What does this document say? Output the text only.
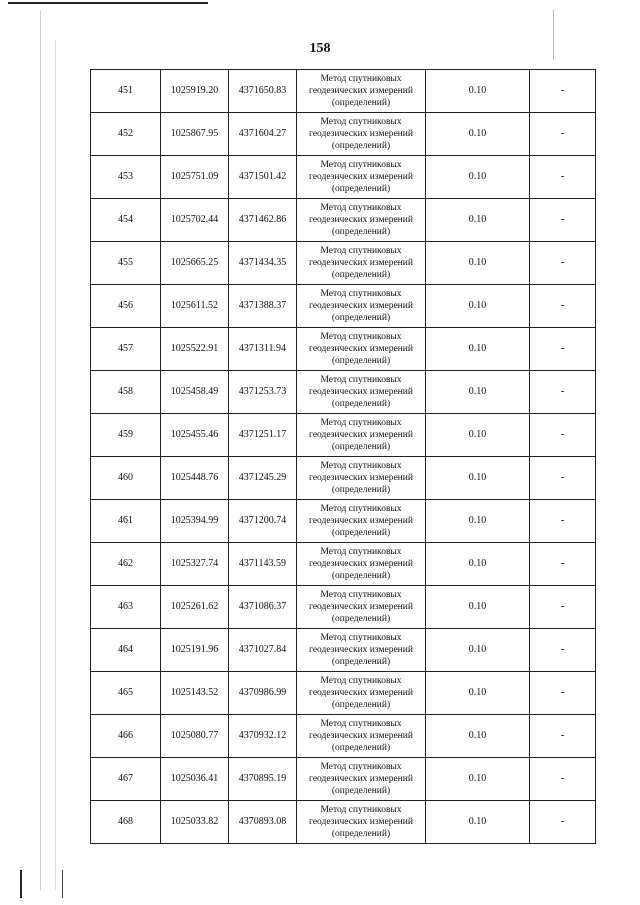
158
451	1025919.20	4371650.83	Метод спутниковых
геодезических измерений
(определений)	0.10	-
452	1025867.95	4371604.27	Метод спутниковых
геодезических измерений
(определений)	0.10	-
453	1025751.09	4371501.42	Метод спутниковых
геодезических измерений
(определений)	0.10	-
454	1025702.44	4371462.86	Метод спутниковых
геодезических измерений
(определений)	0.10	-
455	1025665.25	4371434.35	Метод спутниковых
геодезических измерений
(определений)	0.10	-
456	1025611.52	4371388.37	Метод спутниковых
геодезических измерений
(определений)	0.10	-
457	1025522.91	4371311.94	Метод спутниковых
геодезических измерений
(определений)	0.10	-
458	1025458.49	4371253.73	Метод спутниковых
геодезических измерений
(определений)	0.10	-
459	1025455.46	4371251.17	Метод спутниковых
геодезических измерений
(определений)	0.10	-
460	1025448.76	4371245.29	Метод спутниковых
геодезических измерений
(определений)	0.10	-
461	1025394.99	4371200.74	Метод спутниковых
геодезических измерений
(определений)	0.10	-
462	1025327.74	4371143.59	Метод спутниковых
геодезических измерений
(определений)	0.10	-
463	1025261.62	4371086.37	Метод спутниковых
геодезических измерений
(определений)	0.10	-
464	1025191.96	4371027.84	Метод спутниковых
геодезических измерений
(определений)	0.10	-
465	1025143.52	4370986.99	Метод спутниковых
геодезических измерений
(определений)	0.10	-
466	1025080.77	4370932.12	Метод спутниковых
геодезических измерений
(определений)	0.10	-
467	1025036.41	4370895.19	Метод спутниковых
геодезических измерений
(определений)	0.10	-
468	1025033.82	4370893.08	Метод спутниковых
геодезических измерений
(определений)	0.10	-
